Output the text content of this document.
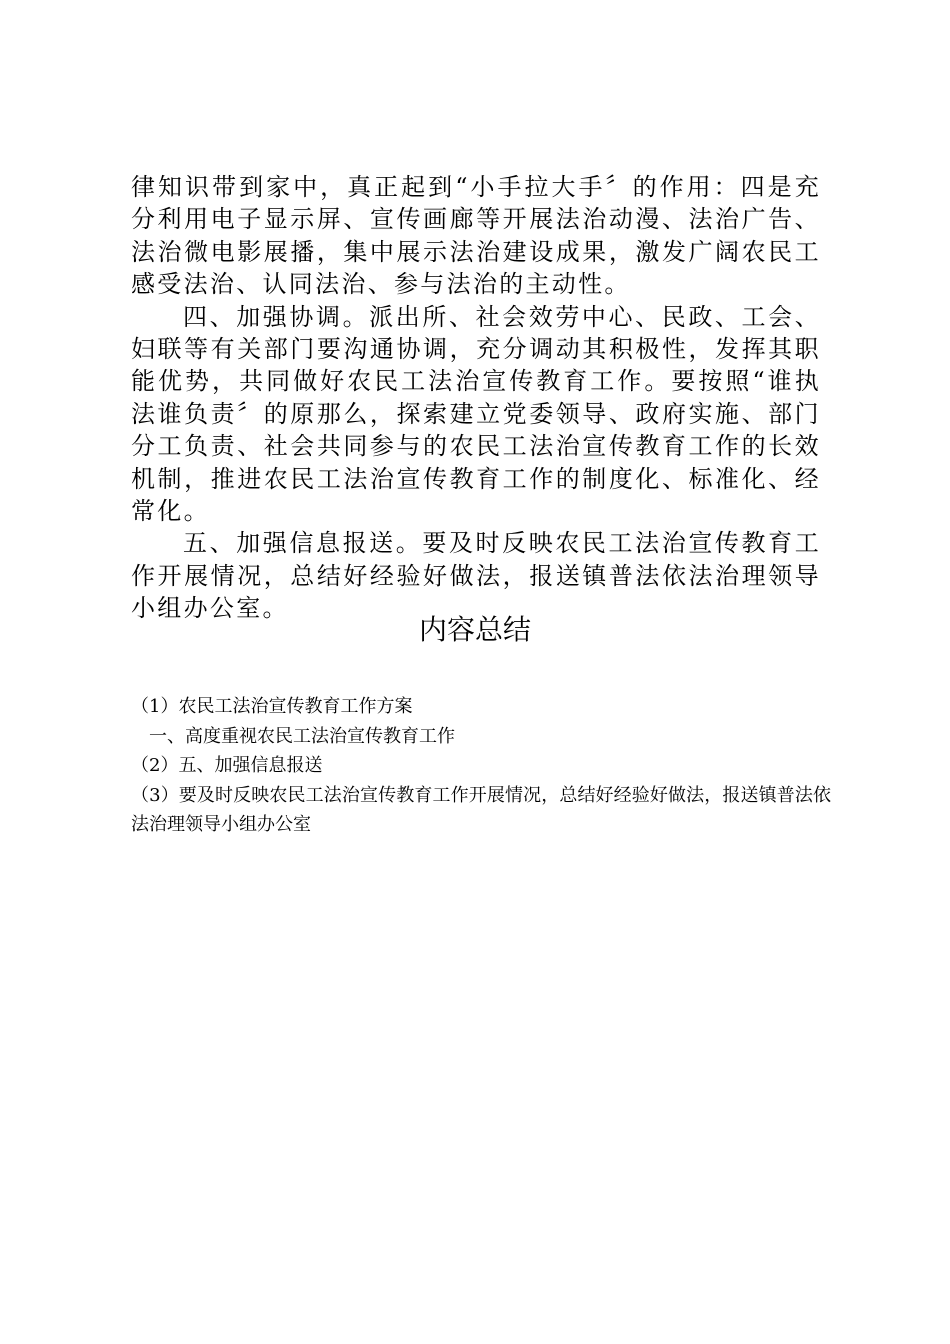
律知识带到家中，真正起到“小手拉大手〞的作用：四是充分利用电子显示屏、宣传画廊等开展法治动漫、法治广告、法治微电影展播，集中展示法治建设成果，激发广阔农民工感受法治、认同法治、参与法治的主动性。

四、加强协调。派出所、社会效劳中心、民政、工会、妇联等有关部门要沟通协调，充分调动其积极性，发挥其职能优势，共同做好农民工法治宣传教育工作。要按照“谁执法谁负责〞的原那么，探索建立党委领导、政府实施、部门分工负责、社会共同参与的农民工法治宣传教育工作的长效机制，推进农民工法治宣传教育工作的制度化、标准化、经常化。

五、加强信息报送。要及时反映农民工法治宣传教育工作开展情况，总结好经验好做法，报送镇普法依法治理领导小组办公室。

内容总结

（1）农民工法治宣传教育工作方案

一、高度重视农民工法治宣传教育工作

（2）五、加强信息报送

（3）要及时反映农民工法治宣传教育工作开展情况，总结好经验好做法，报送镇普法依法治理领导小组办公室
